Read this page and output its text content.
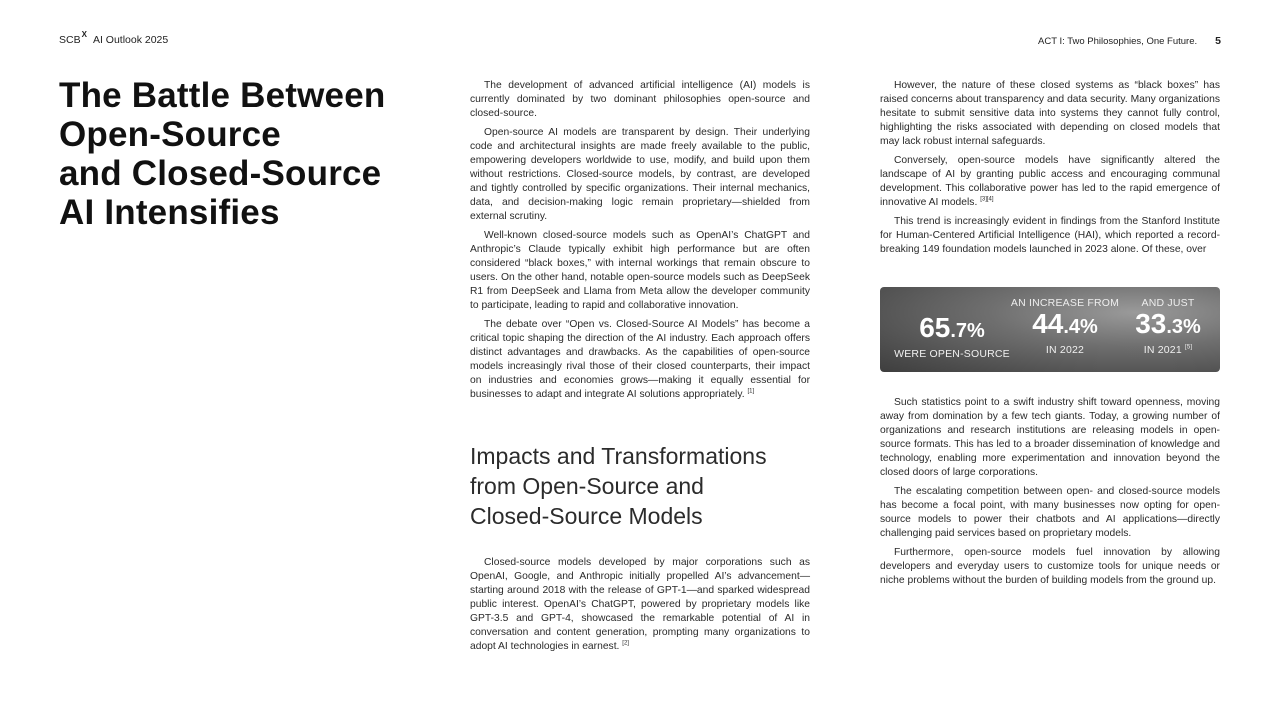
SCB X AI Outlook 2025	ACT I: Two Philosophies, One Future. 5
The Battle Between
Open-Source
and Closed-Source
AI Intensifies

The development of advanced artificial intelligence (AI) models is currently dominated by two dominant philosophies open-source and closed-source.

Open-source AI models are transparent by design. Their underlying code and architectural insights are made freely available to the public, empowering developers worldwide to use, modify, and build upon them without restrictions. Closed-source models, by contrast, are developed and tightly controlled by specific organizations. Their internal mechanics, data, and decision-making logic remain proprietary—shielded from external scrutiny.

Well-known closed-source models such as OpenAI’s ChatGPT and Anthropic’s Claude typically exhibit high performance but are often considered “black boxes,” with internal workings that remain obscure to users. On the other hand, notable open-source models such as DeepSeek R1 from DeepSeek and Llama from Meta allow the developer community to participate, leading to rapid and collaborative innovation.

The debate over “Open vs. Closed-Source AI Models” has become a critical topic shaping the direction of the AI industry. Each approach offers distinct advantages and drawbacks. As the capabilities of open-source models increasingly rival those of their closed counterparts, their impact on industries and economies grows—making it equally essential for businesses to adapt and integrate AI solutions appropriately. [1]

Impacts and Transformations
from Open-Source and
Closed-Source Models

Closed-source models developed by major corporations such as OpenAI, Google, and Anthropic initially propelled AI’s advancement—starting around 2018 with the release of GPT-1—and sparked widespread public interest. OpenAI’s ChatGPT, powered by proprietary models like GPT-3.5 and GPT-4, showcased the remarkable potential of AI in conversation and content generation, prompting many organizations to adopt AI technologies in earnest. [2]

However, the nature of these closed systems as “black boxes” has raised concerns about transparency and data security. Many organizations hesitate to submit sensitive data into systems they cannot fully control, highlighting the risks associated with depending on closed models that may lack robust internal safeguards.

Conversely, open-source models have significantly altered the landscape of AI by granting public access and encouraging communal development. This collaborative power has led to the rapid emergence of innovative AI models. [3][4]

This trend is increasingly evident in findings from the Stanford Institute for Human-Centered Artificial Intelligence (HAI), which reported a record-breaking 149 foundation models launched in 2023 alone. Of these, over

65.7%
WERE OPEN-SOURCE
AN INCREASE FROM
44.4%
IN 2022
AND JUST
33.3%
IN 2021 [5]

Such statistics point to a swift industry shift toward openness, moving away from domination by a few tech giants. Today, a growing number of organizations and research institutions are releasing models in open-source formats. This has led to a broader dissemination of knowledge and technology, enabling more experimentation and innovation beyond the closed doors of large corporations.

The escalating competition between open- and closed-source models has become a focal point, with many businesses now opting for open-source models to power their chatbots and AI applications—directly challenging paid services based on proprietary models.

Furthermore, open-source models fuel innovation by allowing developers and everyday users to customize tools for unique needs or niche problems without the burden of building models from the ground up.
